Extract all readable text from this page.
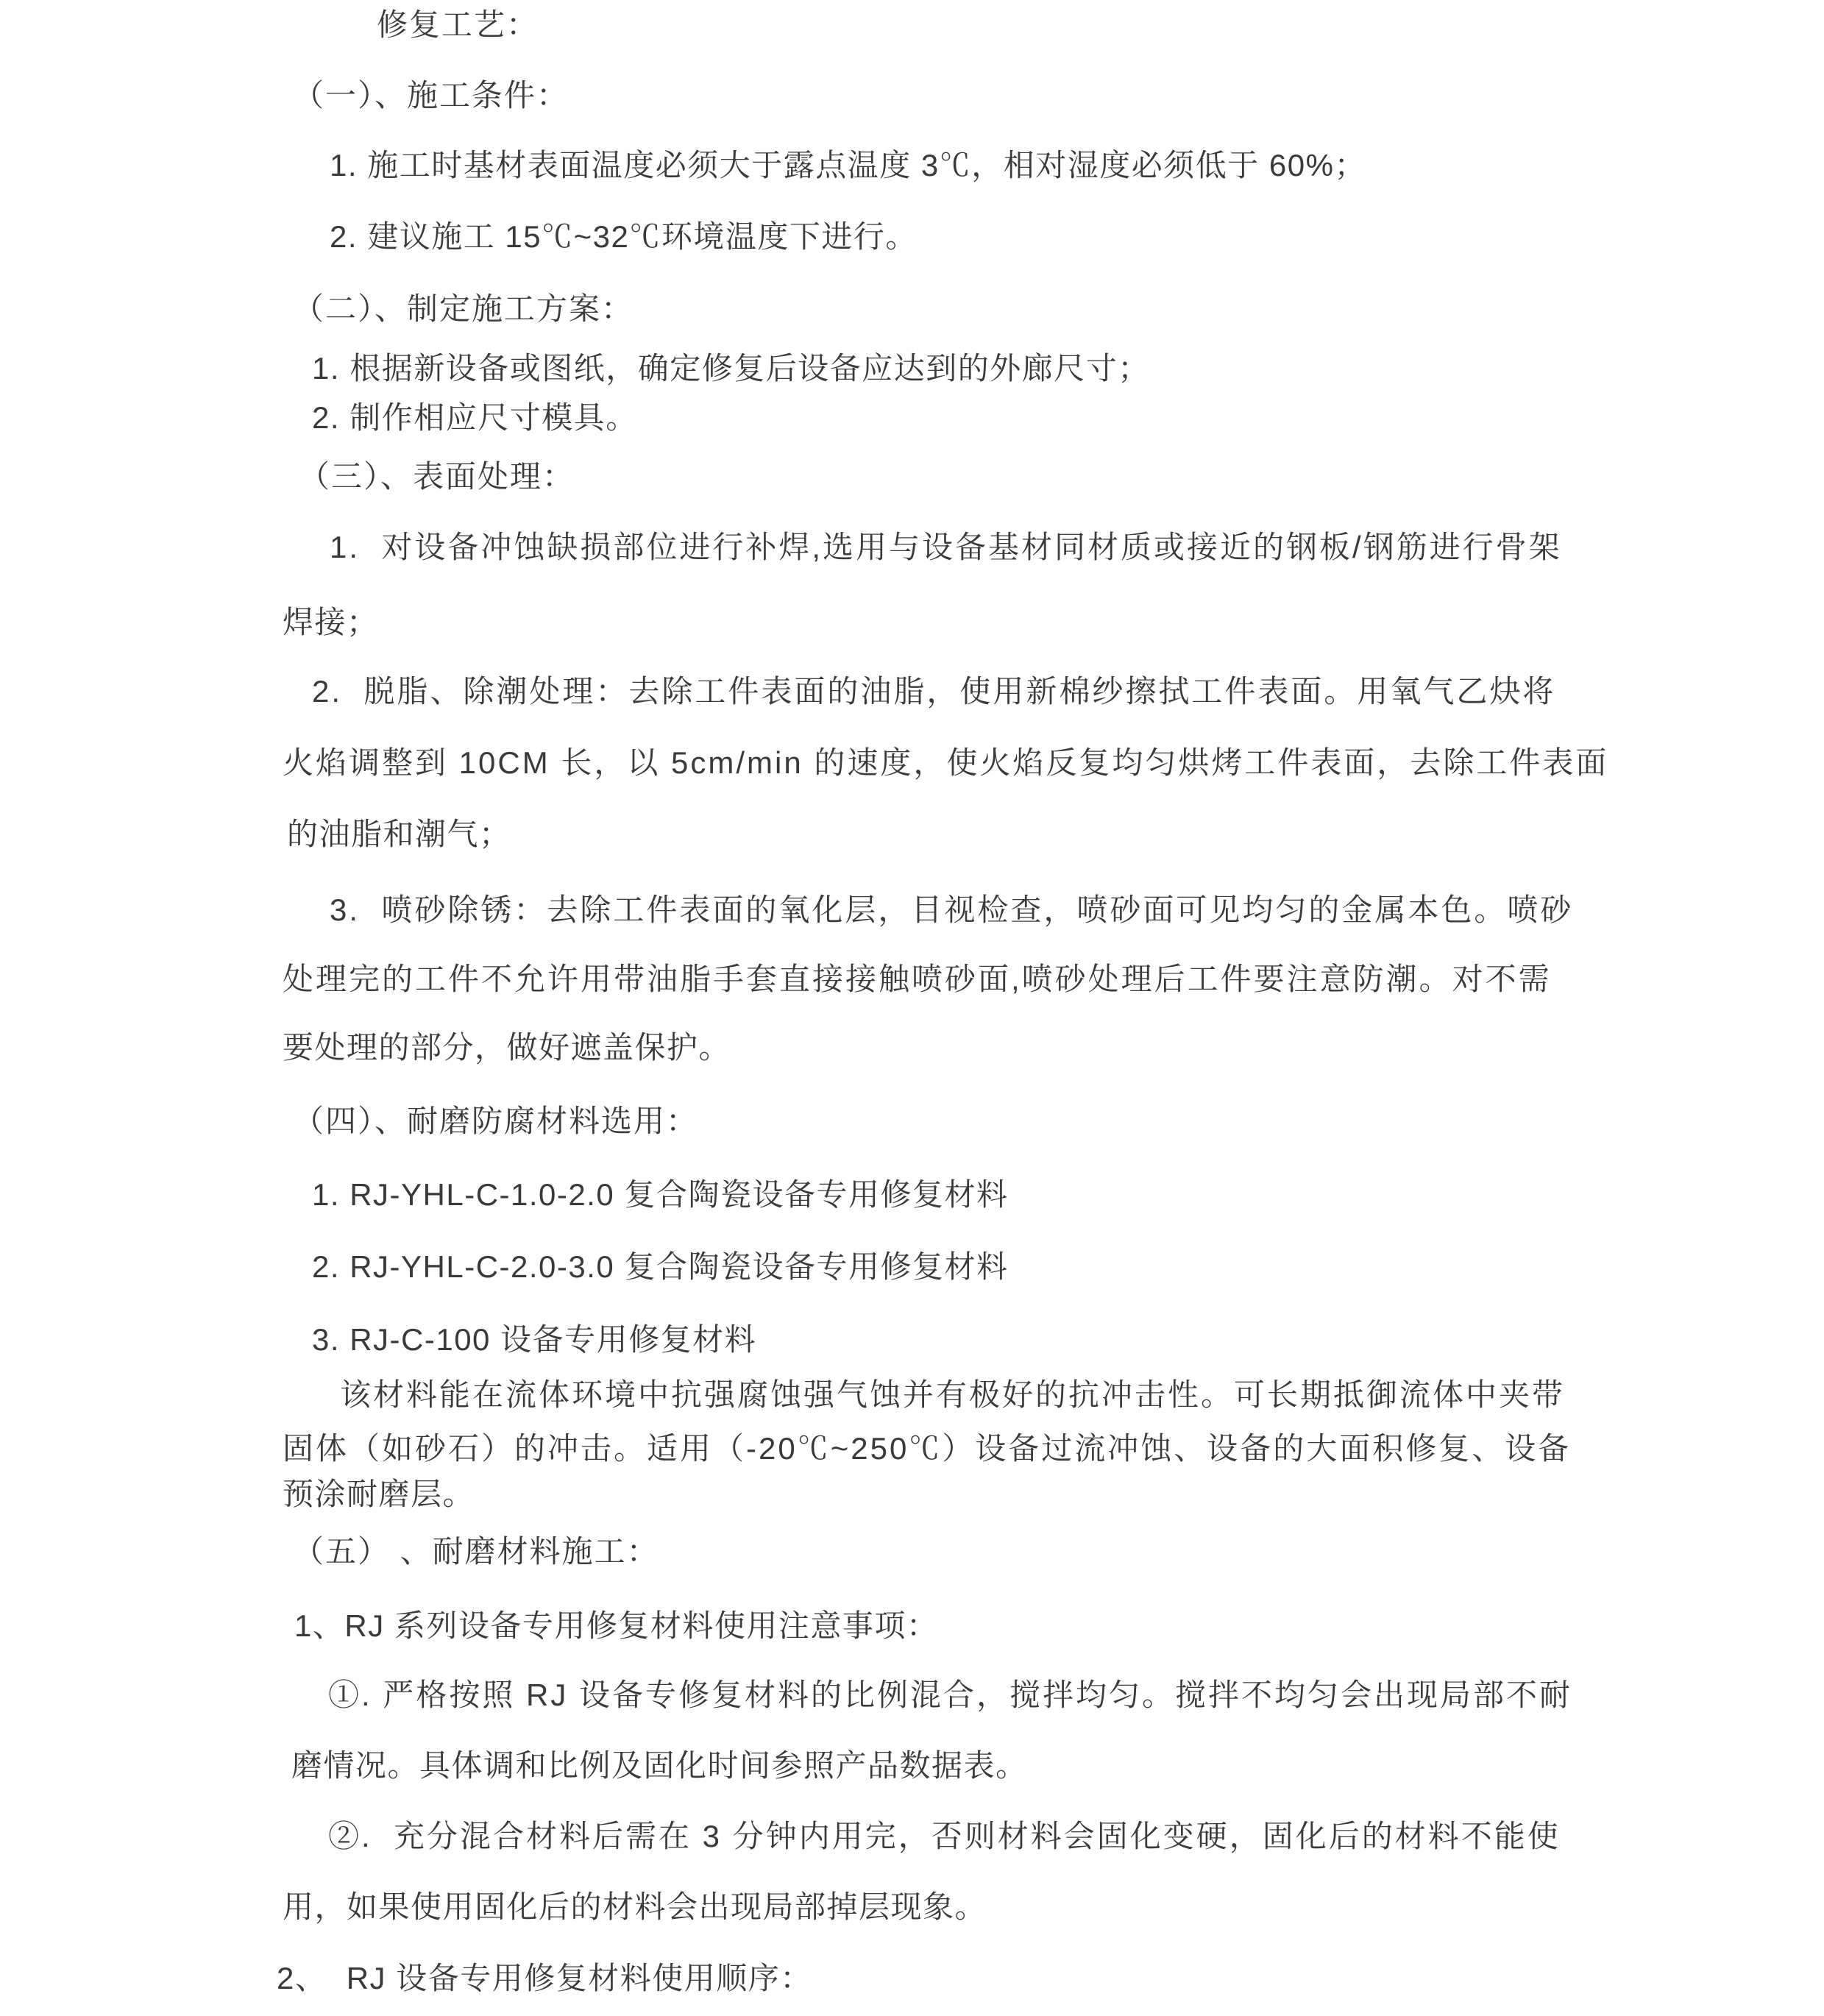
修复工艺：
（一）、施工条件：
1. 施工时基材表面温度必须大于露点温度 3℃，相对湿度必须低于 60%；
2. 建议施工 15℃~32℃环境温度下进行。
（二）、制定施工方案：
1. 根据新设备或图纸，确定修复后设备应达到的外廊尺寸；
2. 制作相应尺寸模具。
（三）、表面处理：
1.  对设备冲蚀缺损部位进行补焊,选用与设备基材同材质或接近的钢板/钢筋进行骨架
焊接；
2.  脱脂、除潮处理：去除工件表面的油脂，使用新棉纱擦拭工件表面。用氧气乙炔将
火焰调整到 10CM 长，以 5cm/min 的速度，使火焰反复均匀烘烤工件表面，去除工件表面
的油脂和潮气；
3.  喷砂除锈：去除工件表面的氧化层，目视检查，喷砂面可见均匀的金属本色。喷砂
处理完的工件不允许用带油脂手套直接接触喷砂面,喷砂处理后工件要注意防潮。对不需
要处理的部分，做好遮盖保护。
（四）、耐磨防腐材料选用：
1. RJ-YHL-C-1.0-2.0 复合陶瓷设备专用修复材料
2. RJ-YHL-C-2.0-3.0 复合陶瓷设备专用修复材料
3. RJ-C-100 设备专用修复材料
该材料能在流体环境中抗强腐蚀强气蚀并有极好的抗冲击性。可长期抵御流体中夹带
固体（如砂石）的冲击。适用（-20℃~250℃）设备过流冲蚀、设备的大面积修复、设备
预涂耐磨层。
（五） 、耐磨材料施工：
1、RJ 系列设备专用修复材料使用注意事项：
①. 严格按照 RJ 设备专修复材料的比例混合，搅拌均匀。搅拌不均匀会出现局部不耐
磨情况。具体调和比例及固化时间参照产品数据表。
②.  充分混合材料后需在 3 分钟内用完，否则材料会固化变硬，固化后的材料不能使
用，如果使用固化后的材料会出现局部掉层现象。
2、  RJ 设备专用修复材料使用顺序：
